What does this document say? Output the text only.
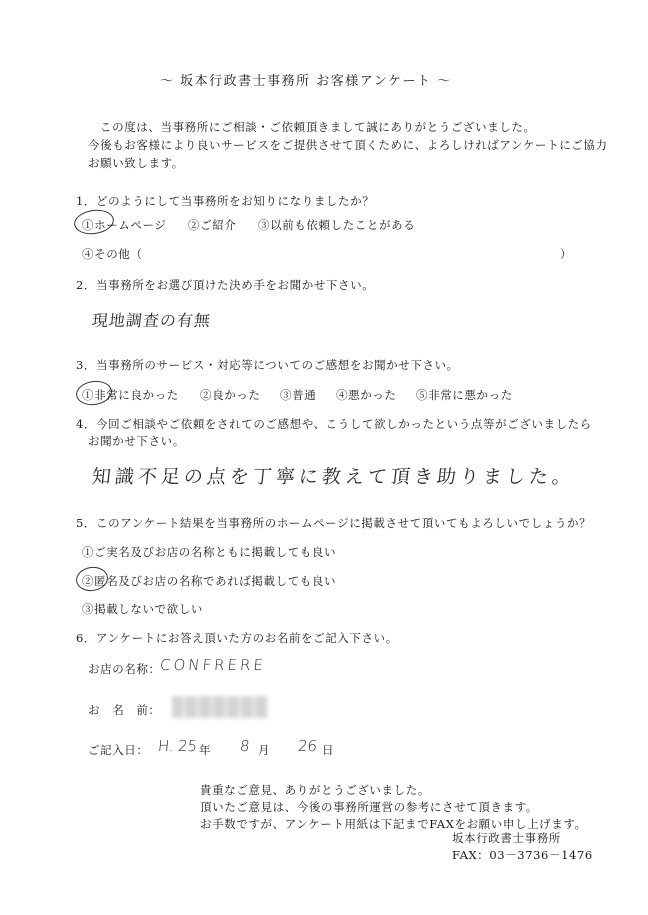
～ 坂本行政書士事務所 お客様アンケート ～
この度は、当事務所にご相談・ご依頼頂きまして誠にありがとうございました。
今後もお客様により良いサービスをご提供させて頂くために、よろしければアンケートにご協力
お願い致します。
1．どのようにして当事務所をお知りになりましたか？
①ホームページ ②ご紹介 ③以前も依頼したことがある
④その他（	）
2．当事務所をお選び頂けた決め手をお聞かせ下さい。
現地調査の有無
3．当事務所のサービス・対応等についてのご感想をお聞かせ下さい。
①非常に良かった ②良かった ③普通 ④悪かった ⑤非常に悪かった
4．今回ご相談やご依頼をされてのご感想や、こうして欲しかったという点等がございましたら
お聞かせ下さい。
知識不足の点を丁寧に教えて頂き助りました。
5．このアンケート結果を当事務所のホームページに掲載させて頂いてもよろしいでしょうか？
①ご実名及びお店の名称ともに掲載しても良い
②匿名及びお店の名称であれば掲載しても良い
③掲載しないで欲しい
6．アンケートにお答え頂いた方のお名前をご記入下さい。
お店の名称：
CONFRERE
お　名　前：
ご記入日： H. 25 年 8 月 26 日
貴重なご意見、ありがとうございました。
頂いたご意見は、今後の事務所運営の参考にさせて頂きます。
お手数ですが、アンケート用紙は下記までFAXをお願い申し上げます。
坂本行政書士事務所
FAX：03－3736－1476
